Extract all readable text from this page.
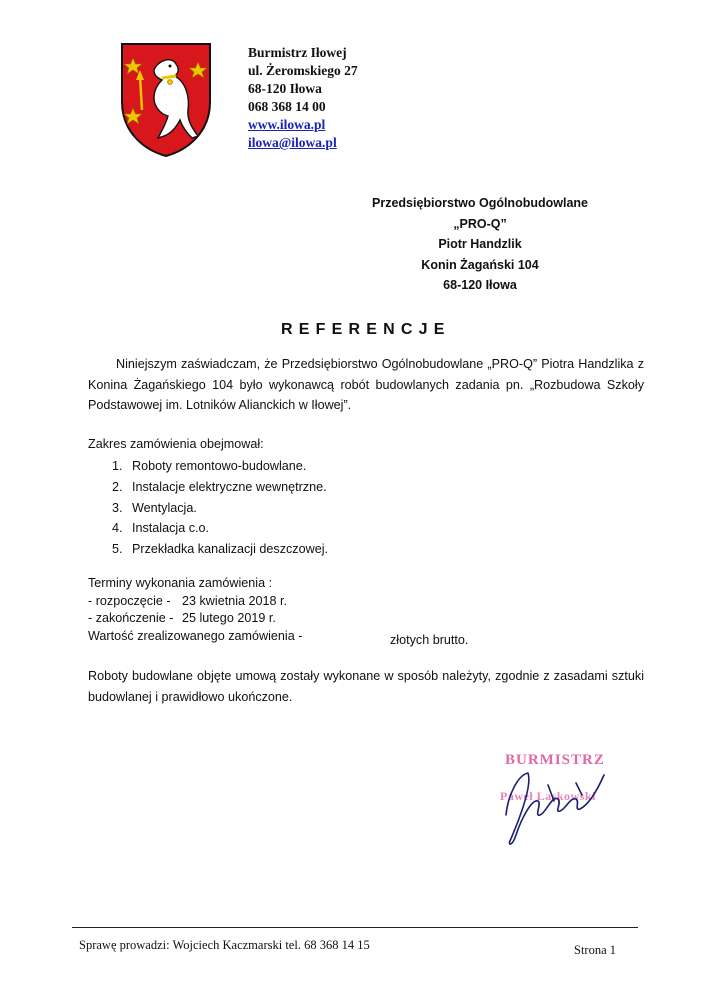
Burmistrz Iłowej
ul. Żeromskiego 27
68-120 Iłowa
068 368 14 00
www.ilowa.pl
ilowa@ilowa.pl
Przedsiębiorstwo Ogólnobudowlane
„PRO-Q”
Piotr Handzlik
Konin Żagański 104
68-120 Iłowa
REFERENCJE
Niniejszym zaświadczam, że Przedsiębiorstwo Ogólnobudowlane „PRO-Q” Piotra Handzlika z Konina Żagańskiego 104 było wykonawcą robót budowlanych zadania pn. „Rozbudowa Szkoły Podstawowej im. Lotników Alianckich w Iłowej”.
Zakres zamówienia obejmował:
1. Roboty remontowo-budowlane.
2. Instalacje elektryczne wewnętrzne.
3. Wentylacja.
4. Instalacja c.o.
5. Przekładka kanalizacji deszczowej.
Terminy wykonania zamówienia :
- rozpoczęcie - 23 kwietnia 2018 r.
- zakończenie - 25 lutego 2019 r.
Wartość zrealizowanego zamówienia -	złotych brutto.
Roboty budowlane objęte umową zostały wykonane w sposób należyty, zgodnie z zasadami sztuki budowlanej i prawidłowo ukończone.
BURMISTRZ
Paweł Laskowski
Sprawę prowadzi: Wojciech Kaczmarski tel. 68 368 14 15	Strona 1
